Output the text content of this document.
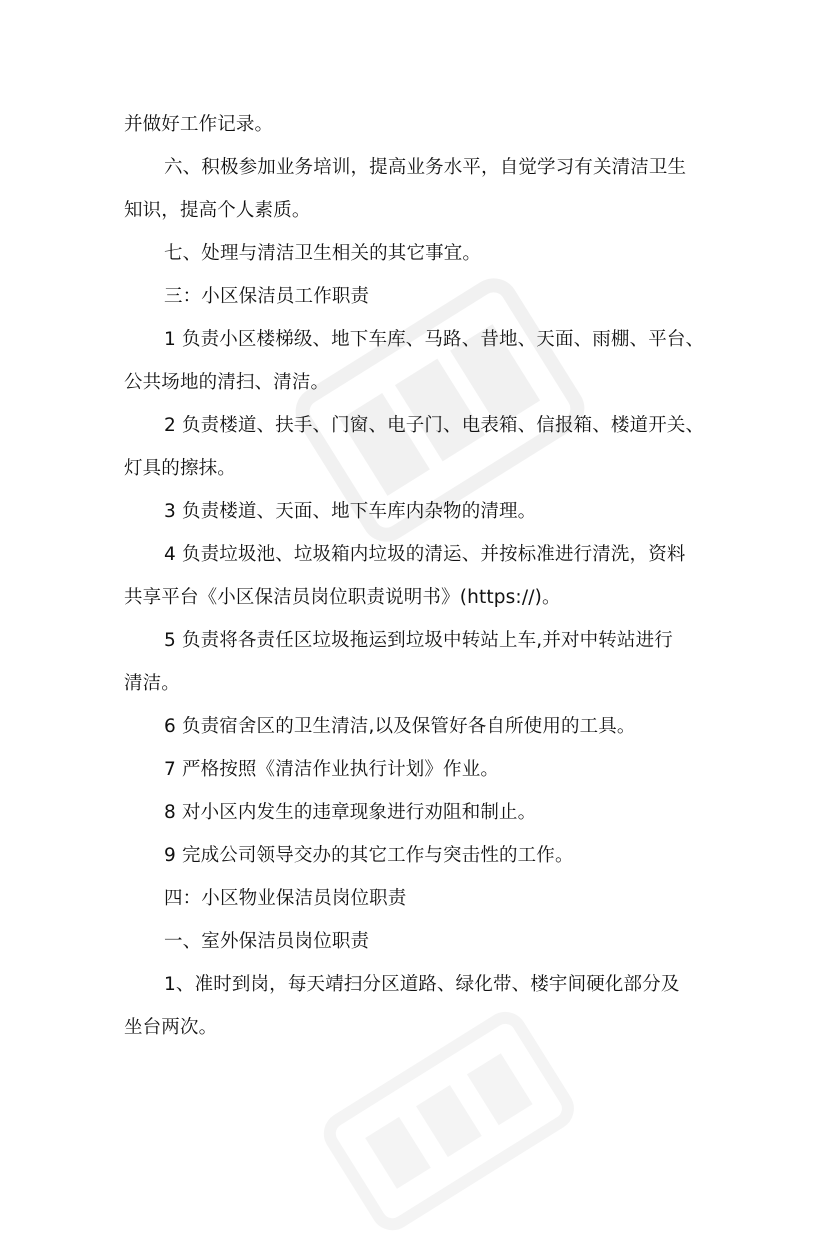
并做好工作记录。
六、积极参加业务培训，提高业务水平，自觉学习有关清洁卫生
知识，提高个人素质。
七、处理与清洁卫生相关的其它事宜。
三：小区保洁员工作职责
1 负责小区楼梯级、地下车库、马路、昔地、天面、雨棚、平台、
公共场地的清扫、清洁。
2 负责楼道、扶手、门窗、电子门、电表箱、信报箱、楼道开关、
灯具的擦抹。
3 负责楼道、天面、地下车库内杂物的清理。
4 负责垃圾池、垃圾箱内垃圾的清运、并按标准进行清洗，资料
共享平台《小区保洁员岗位职责说明书》(https://)。
5 负责将各责任区垃圾拖运到垃圾中转站上车,并对中转站进行
清洁。
6 负责宿舍区的卫生清洁,以及保管好各自所使用的工具。
7 严格按照《清洁作业执行计划》作业。
8 对小区内发生的违章现象进行劝阻和制止。
9 完成公司领导交办的其它工作与突击性的工作。
四：小区物业保洁员岗位职责
一、室外保洁员岗位职责
1、准时到岗，每天靖扫分区道路、绿化带、楼宇间硬化部分及
坐台两次。
